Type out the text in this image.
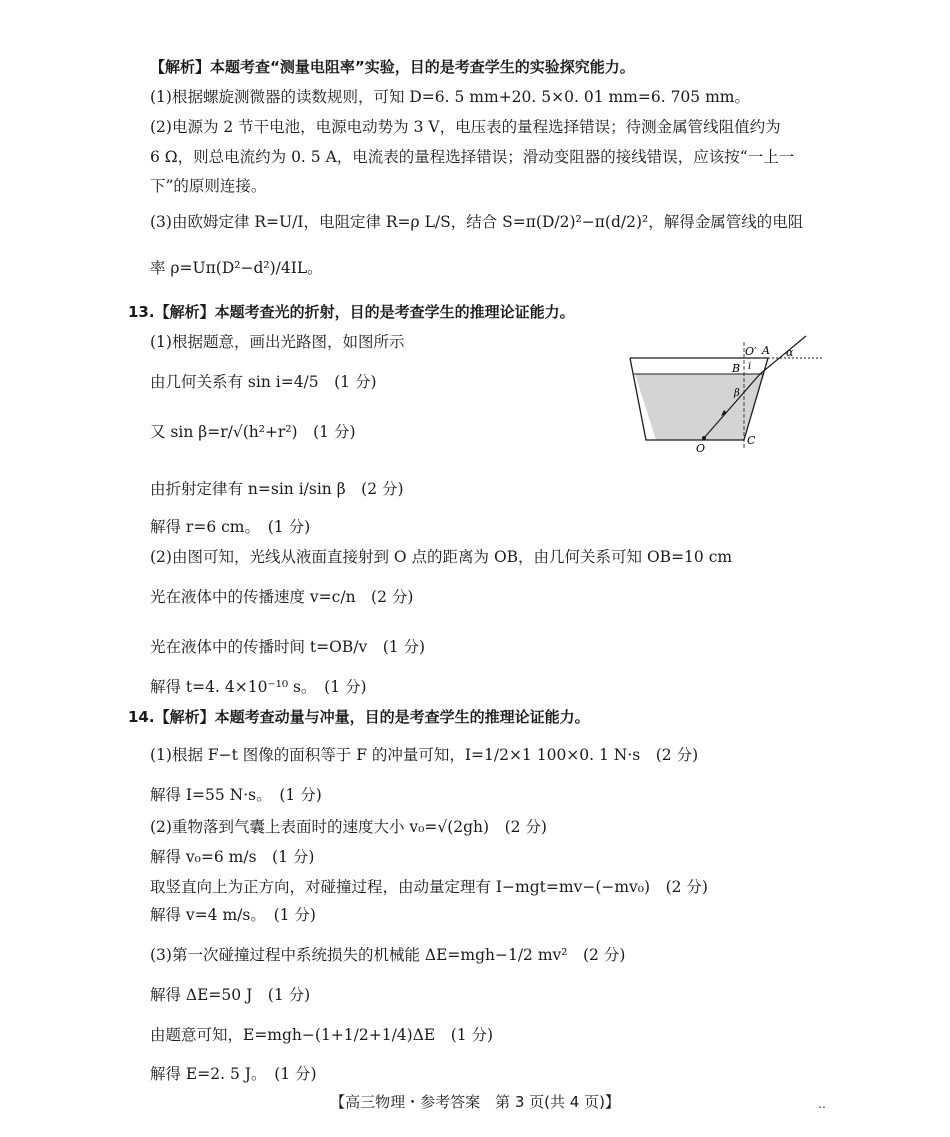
【解析】本题考查“测量电阻率”实验，目的是考查学生的实验探究能力。
(1)根据螺旋测微器的读数规则，可知 D=6. 5 mm+20. 5×0. 01 mm=6. 705 mm。
(2)电源为 2 节干电池，电源电动势为 3 V，电压表的量程选择错误；待测金属管线阻值约为
6 Ω，则总电流约为 0. 5 A，电流表的量程选择错误；滑动变阻器的接线错误，应该按“一上一
下”的原则连接。
(3)由欧姆定律 R=U/I，电阻定律 R=ρ L/S，结合 S=π(D/2)²−π(d/2)²，解得金属管线的电阻
率 ρ=Uπ(D²−d²)/4IL。
13.【解析】本题考查光的折射，目的是考查学生的推理论证能力。
(1)根据题意，画出光路图，如图所示
由几何关系有 sin i=4/5　(1 分)
又 sin β=r/√(h²+r²)　(1 分)
由折射定律有 n=sin i/sin β　(2 分)
解得 r=6 cm。　(1 分)
(2)由图可知，光线从液面直接射到 O 点的距离为 OB，由几何关系可知 OB=10 cm
光在液体中的传播速度 v=c/n　(2 分)
光在液体中的传播时间 t=OB/v　(1 分)
解得 t=4. 4×10⁻¹⁰ s。　(1 分)
O′ A α
B i
β
O
C
14.【解析】本题考查动量与冲量，目的是考查学生的推理论证能力。
(1)根据 F−t 图像的面积等于 F 的冲量可知，I=1/2×1 100×0. 1 N·s　(2 分)
解得 I=55 N·s。　(1 分)
(2)重物落到气囊上表面时的速度大小 v₀=√(2gh)　(2 分)
解得 v₀=6 m/s　(1 分)
取竖直向上为正方向，对碰撞过程，由动量定理有 I−mgt=mv−(−mv₀)　(2 分)
解得 v=4 m/s。　(1 分)
(3)第一次碰撞过程中系统损失的机械能 ΔE=mgh−1/2 mv²　(2 分)
解得 ΔE=50 J　(1 分)
由题意可知，E=mgh−(1+1/2+1/4)ΔE　(1 分)
解得 E=2. 5 J。　(1 分)
【高三物理・参考答案　第 3 页(共 4 页)】	‥
